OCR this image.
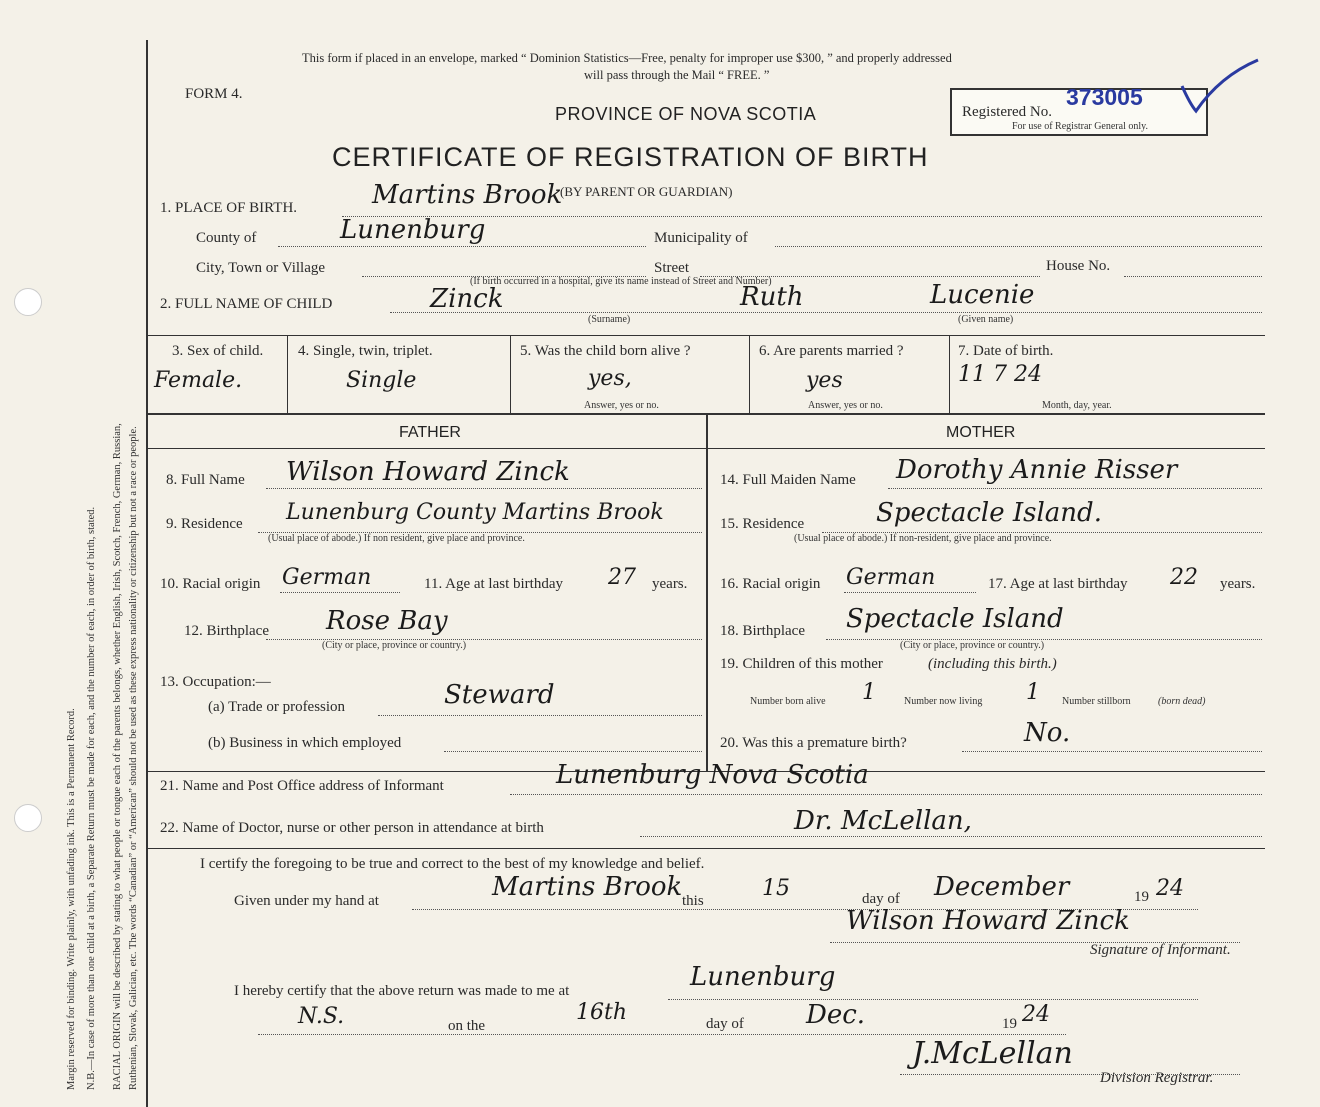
Margin reserved for binding. Write plainly, with unfading ink. This is a Permanent Record. N.B.—In case of more than one child at a birth, a Separate Return must be made for each, and the number of each, in order of birth, stated. RACIAL ORIGIN will be described by stating to what people or tongue each of the parents belongs, whether English, Irish, Scotch, French, German, Russian, Ruthenian, Slovak, Galician, etc. The words “Canadian” or “American” should not be used as these express nationality or citizenship but not a race or people.
This form if placed in an envelope, marked “ Dominion Statistics—Free, penalty for improper use $300, ” and properly addressed
will pass through the Mail “ FREE. ”
FORM 4.
PROVINCE OF NOVA SCOTIA
CERTIFICATE OF REGISTRATION OF BIRTH
Registered No.
373005
For use of Registrar General only.
1. PLACE OF BIRTH.	Martins Brook
(BY PARENT OR GUARDIAN)
County of	Lunenburg	Municipality of
City, Town or Village	Street	House No.
(If birth occurred in a hospital, give its name instead of Street and Number)
2. FULL NAME OF CHILD	Zinck	Ruth	Lucenie
(Surname)	(Given name)
3. Sex of child.
Female.
4. Single, twin, triplet.
Single
5. Was the child born alive ?
yes,
Answer, yes or no.
6. Are parents married ?
yes
Answer, yes or no.
7. Date of birth.
11 7 24
Month, day, year.
FATHER	MOTHER
8. Full Name Wilson Howard Zinck
9. Residence Lunenburg County Martins Brook
(Usual place of abode.) If non resident, give place and province.
10. Racial origin German	11. Age at last birthday 27 years.
12. Birthplace Rose Bay
(City or place, province or country.)
13. Occupation:—
(a) Trade or profession	Steward
(b) Business in which employed
14. Full Maiden Name Dorothy Annie Risser
15. Residence	Spectacle Island.
(Usual place of abode.) If non-resident, give place and province.
16. Racial origin German	17. Age at last birthday 22 years.
18. Birthplace Spectacle Island
(City or place, province or country.)
19. Children of this mother	(including this birth.)
Number born alive 1	Number now living 1 Number stillborn	(born dead)
20. Was this a premature birth?	No.
21. Name and Post Office address of Informant	Lunenburg Nova Scotia
22. Name of Doctor, nurse or other person in attendance at birth	Dr. McLellan,
I certify the foregoing to be true and correct to the best of my knowledge and belief.
Given under my hand at	Martins Brook this	15	day of December	19 24
Wilson Howard Zinck
Signature of Informant.
I hereby certify that the above return was made to me at	Lunenburg
N.S.	on the
16th	day of Dec.	19 24
J.McLellan
Division Registrar.
